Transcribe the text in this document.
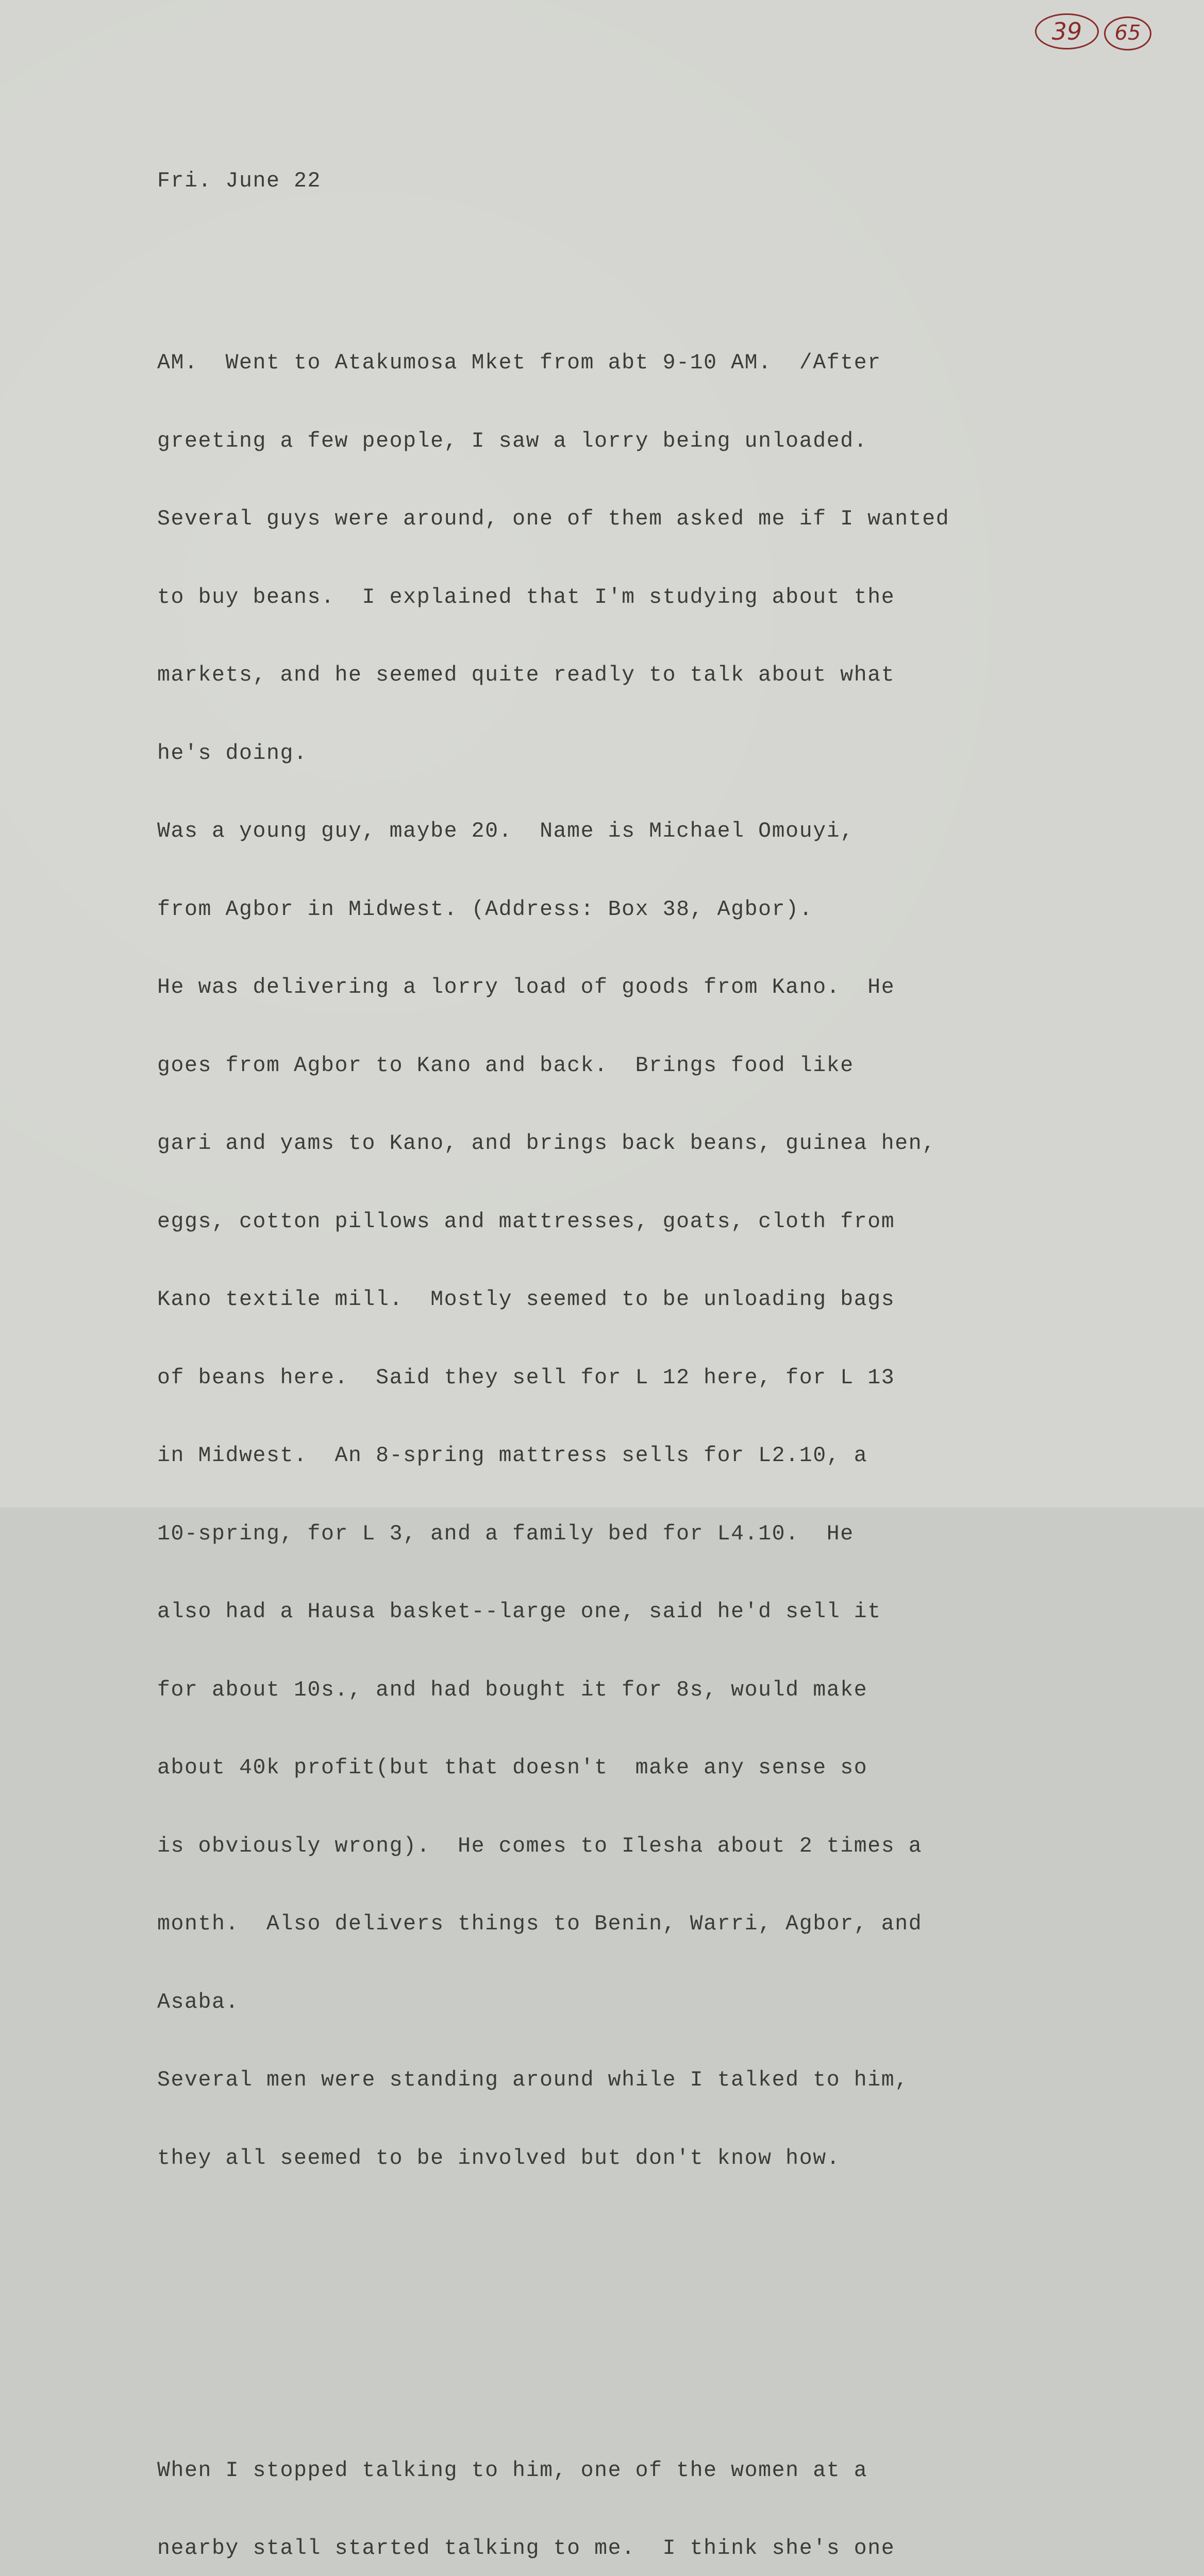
39	65

Fri. June 22

AM.  Went to Atakumosa Mket from abt 9-10 AM.  /After

greeting a few people, I saw a lorry being unloaded.

Several guys were around, one of them asked me if I wanted

to buy beans.  I explained that I'm studying about the

markets, and he seemed quite readly to talk about what

he's doing.

Was a young guy, maybe 20.  Name is Michael Omouyi,

from Agbor in Midwest. (Address: Box 38, Agbor).

He was delivering a lorry load of goods from Kano.  He

goes from Agbor to Kano and back.  Brings food like

gari and yams to Kano, and brings back beans, guinea hen,

eggs, cotton pillows and mattresses, goats, cloth from

Kano textile mill.  Mostly seemed to be unloading bags

of beans here.  Said they sell for L 12 here, for L 13

in Midwest.  An 8-spring mattress sells for L2.10, a

10-spring, for L 3, and a family bed for L4.10.  He

also had a Hausa basket--large one, said he'd sell it

for about 10s., and had bought it for 8s, would make

about 40k profit(but that doesn't  make any sense so

is obviously wrong).  He comes to Ilesha about 2 times a

month.  Also delivers things to Benin, Warri, Agbor, and

Asaba.

Several men were standing around while I talked to him,

they all seemed to be involved but don't know how.

When I stopped talking to him, one of the women at a

nearby stall started talking to me.  I think she's one
